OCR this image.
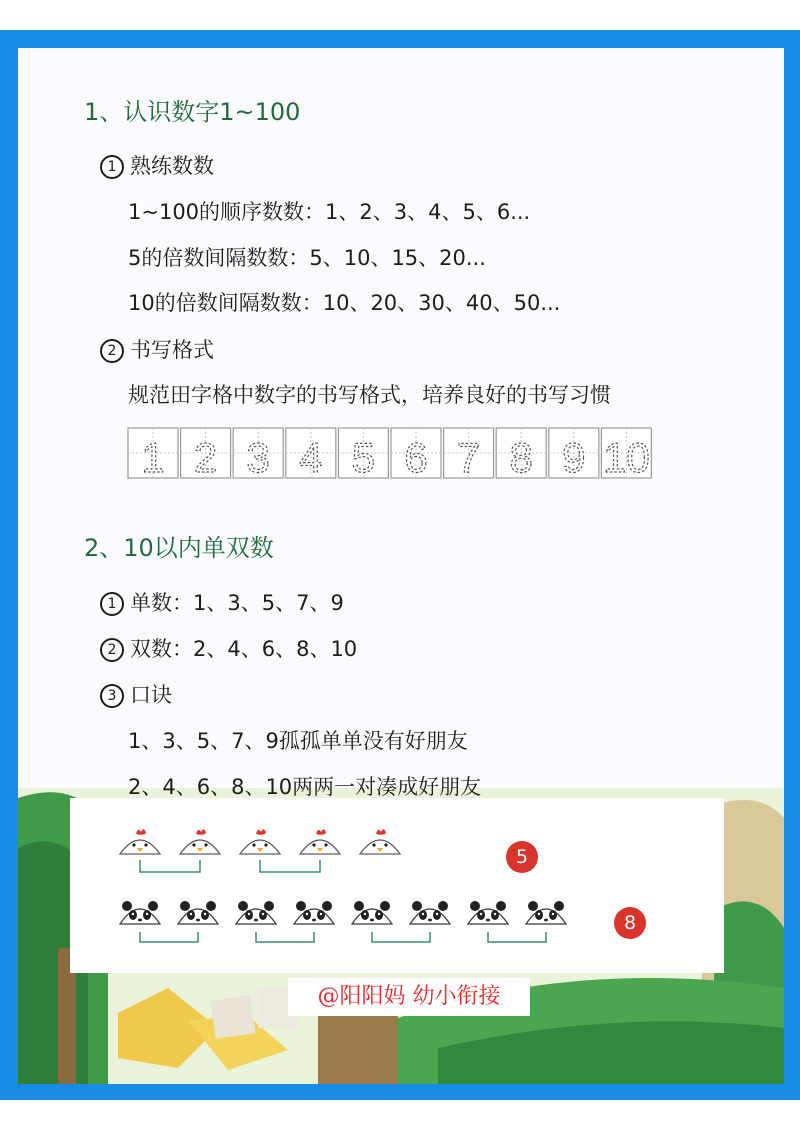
1、认识数字1~100
1 熟练数数
1~100的顺序数数：1、2、3、4、5、6...
5的倍数间隔数数：5、10、15、20...
10的倍数间隔数数：10、20、30、40、50...
2 书写格式
规范田字格中数字的书写格式，培养良好的书写习惯
1 2 3 4 5 6 7 8 9 10
2、10以内单双数
1 单数：1、3、5、7、9
2 双数：2、4、6、8、10
3 口诀
1、3、5、7、9孤孤单单没有好朋友
2、4、6、8、10两两一对凑成好朋友
5
8
@阳阳妈 幼小衔接
